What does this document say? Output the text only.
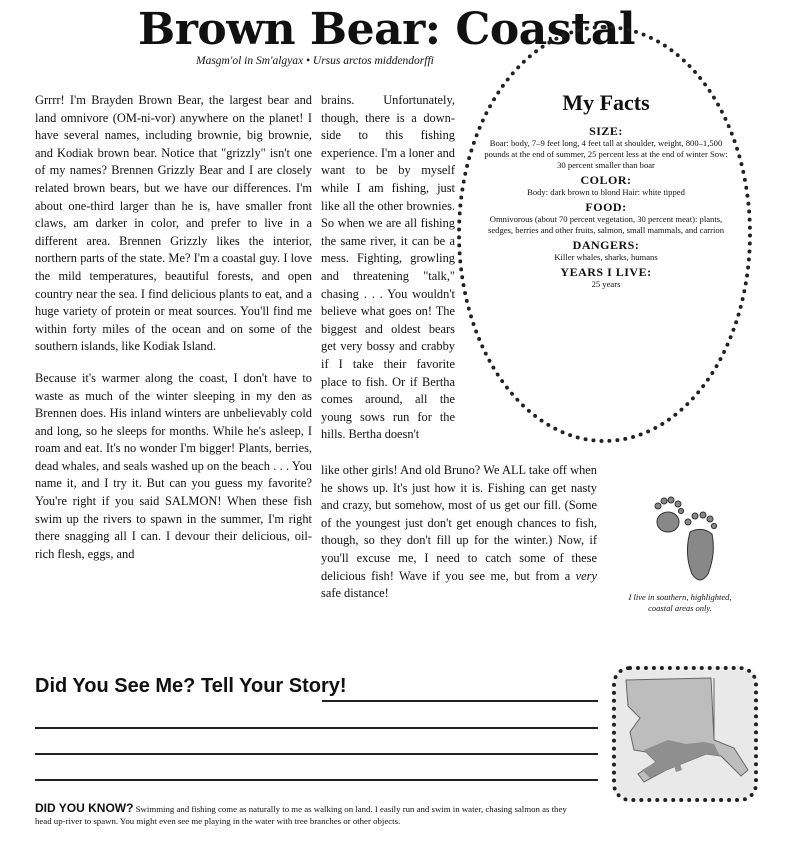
Brown Bear: Coastal
Masgm'ol in Sm'algyax • Ursus arctos middendorffi

Grrrr! I'm Brayden Brown Bear, the largest bear and land omnivore (OM-ni-vor) anywhere on the planet! I have several names, including brownie, big brownie, and Kodiak brown bear. Notice that "grizzly" isn't one of my names? Brennen Grizzly Bear and I are closely related brown bears, but we have our differences. I'm about one-third larger than he is, have smaller front claws, am darker in color, and prefer to live in a different area. Brennen Grizzly likes the interior, northern parts of the state. Me? I'm a coastal guy. I love the mild temperatures, beautiful forests, and open country near the sea. I find delicious plants to eat, and a huge variety of protein or meat sources. You'll find me within forty miles of the ocean and on some of the southern islands, like Kodiak Island.

Because it's warmer along the coast, I don't have to waste as much of the winter sleeping in my den as Brennen does. His inland winters are unbelievably cold and long, so he sleeps for months. While he's asleep, I roam and eat. It's no wonder I'm bigger! Plants, berries, dead whales, and seals washed up on the beach . . . You name it, and I try it. But can you guess my favorite? You're right if you said SALMON! When these fish swim up the rivers to spawn in the summer, I'm right there snagging all I can. I devour their delicious, oil-rich flesh, eggs, and

brains. Unfortunately, though, there is a down-side to this fishing experience. I'm a loner and want to be by myself while I am fishing, just like all the other brownies. So when we are all fishing the same river, it can be a mess. Fighting, growling and threatening "talk," chasing . . . You wouldn't believe what goes on! The biggest and oldest bears get very bossy and crabby if I take their favorite place to fish. Or if Bertha comes around, all the young sows run for the hills. Bertha doesn't

like other girls! And old Bruno? We ALL take off when he shows up. It's just how it is. Fishing can get nasty and crazy, but somehow, most of us get our fill. (Some of the youngest just don't get enough chances to fish, though, so they don't fill up for the winter.) Now, if you'll excuse me, I need to catch some of these delicious fish! Wave if you see me, but from a very safe distance!

My Facts
SIZE:
Boar: body, 7–9 feet long, 4 feet tall at shoulder, weight, 800–1,500 pounds at the end of summer, 25 percent less at the end of winter Sow: 30 percent smaller than boar
COLOR:
Body: dark brown to blond Hair: white tipped
FOOD:
Omnivorous (about 70 percent vegetation, 30 percent meat): plants, sedges, berries and other fruits, salmon, small mammals, and carrion
DANGERS:
Killer whales, sharks, humans
YEARS I LIVE:
25 years
I live in southern, highlighted, coastal areas only.
Did You See Me? Tell Your Story!
DID YOU KNOW? Swimming and fishing come as naturally to me as walking on land. I easily run and swim in water, chasing salmon as they head up-river to spawn. You might even see me playing in the water with tree branches or other objects.
